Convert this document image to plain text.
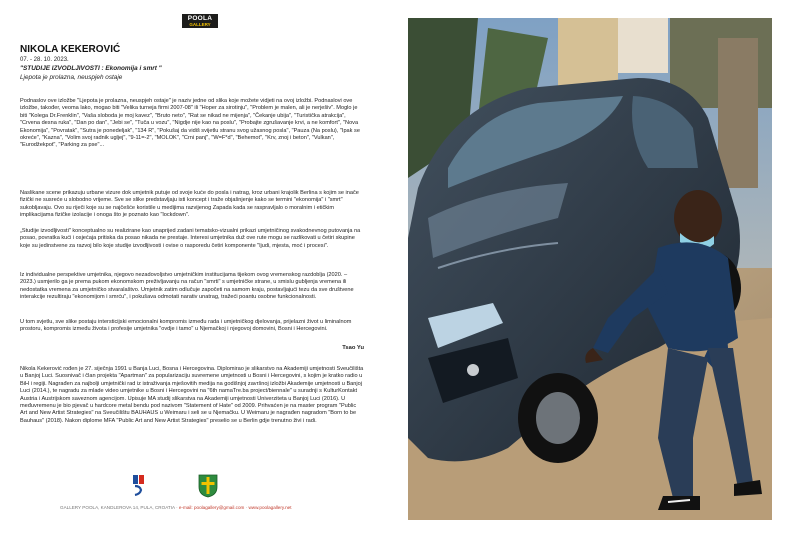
POOLA
GALLERY
NIKOLA KEKEROVIĆ
07. - 28. 10. 2023.
"STUDIJE IZVODLJIVOSTI : Ekonomija i smrt "
Ljepota je prolazna, neuspjeh ostaje

Podnaslov ove izložbe "Ljepota je prolazna, neuspjeh ostaje" je naziv jedne od slika koje možete vidjeti na ovoj izložbi. Podnaslovi ove izložbe, također, veoma lako, mogao biti "Velika turneja firmi 2007-08" ili "Hoper za sirotinju", "Problem je malen, ali je nerješiv". Moglo je biti "Kolega Dr.Frenklin", "Vaša sloboda je moj kavez", "Bruto neto", "Rat se nikad ne mijenja", "Čekanje ubija", "Turistička atrakcija", "Crvena desna ruka", "Dan po dan", "Jebi se", "Tuča u vozu", "Nigdje nije kao na poslu", "Probajte zgrušavanje krvi, a ne komfort", "Nova Ekonomija", "Povratak", "Sutra je ponedeljak", "134 R", "Pokušaj da vidiš svijetlu stranu svog užasnog posla", "Pauza (Na poslu), "Ipak se okreće", "Kazna", "Volim svoj radnik ugljej", "9-11=-2", "MOLOK", "Crni panj", "W=F*d", "Behemot", "Krv, znoj i beton", "Vulkan", "Eurodžekpot", "Parking za pse"...

Naslikane scene prikazuju urbane vizure dok umjetnik putuje od svoje kuće do posla i natrag, kroz urbani krajolik Berlina s kojim se inače fizički ne susreće u slobodno vrijeme. Sve se slike predstavljaju isti koncept i traže objašnjenje kako se termini "ekonomija" i "smrt" sukobljavaju. Ovo su riječi koje su se najčešće koristile u medijima razvijenog Zapada kada se raspravljalo o moralnim i etičkim implikacijama fizičke izolacije i onoga što je poznato kao "lockdown".

„Studije izvodljivosti" konceptualno su realizirane kao unaprijed zadani tematsko-vizualni prikazi umjetničinog svakodnevnog putovanja na posao, povratka kući i osjećaja pritiska da posao nikada ne prestaje. Interesi umjetnika duž ove rute mogu se razlikovati u četiri skupine koje su jedinstvene za razvoj bilo koje studije izvodljivosti i ovise o rasporedu četiri komponente "ljudi, mjesta, moć i procesi".

Iz individualne perspektive umjetnika, njegovo nezadovoljstvo umjetničkim institucijama tijekom ovog vremenskog razdoblja (2020. – 2023.) usmjerilo ga je prema pukom ekonomskom preživljavanju na račun "smrti" s umjetničke strane, u smislu gubljenja vremena ili nedostatka vremena za umjetničko stvaralaštvo. Umjetnik zatim odlučuje započeti na samom kraju, postavljajući tezu da sve društvene interakcije rezultiraju "ekonomijom i smrću", i pokušava odmotati narativ unatrag, tražeći poantu osobne funkcionalnosti.

U tom svjetlu, sve slike postaju intersticijski emocionalni kompromis između rada i umjetničkog djelovanja, prijelazni život u liminalnom prostoru, kompromis između života i profesije umjetnika "ovdje i tamo" u Njemačkoj i njegovoj domovini, Bosni i Hercegovini.

Tsao Yu

Nikola Kekerović rođen je 27. siječnja 1991 u Banja Luci, Bosna i Hercegovina. Diplomirao je slikarstvo na Akademiji umjetnosti Sveučilišta u Banjoj Luci. Suosnivač i član projekta "Apartman" za popularizaciju suvremene umjetnosti u Bosni i Hercegovini, s kojim je kratko radio u BiH i regiji. Nagrađen za najbolji umjetnički rad iz istraživanja mješovitih medija na godišnjoj završnoj izložbi Akademije umjetnosti u Banjoj Luci (2014.), te nagradu za mlade video umjetnike u Bosni i Hercegovini na "6th namaTre.ba project/biennale" u suradnji s KulturKontakt Austria i Austrijskom saveznom agencijom. Upisuje MA studij slikarstva na Akademiji umjetnosti Univerziteta u Banjoj Luci (2016). U međuvremenu je bio pjevač u hardcore metal bendu pod nazivom "Statement of Hate" od 2009. Prihvaćen je na master program "Public Art and New Artist Strategies" na Sveučilištu BAUHAUS u Weimaru i seli se u Njemačku. U Weimaru je nagrađen nagradom "Born to be Bauhaus" (2018). Nakon diplome MFA "Public Art and New Artist Strategies" preselio se u Berlin gdje trenutno živi i radi.

GALLERY POOLA, KANDLEROVA 14, PULA, CROATIA · e-mail: poolagallery@gmail.com · www.poolagallery.net
